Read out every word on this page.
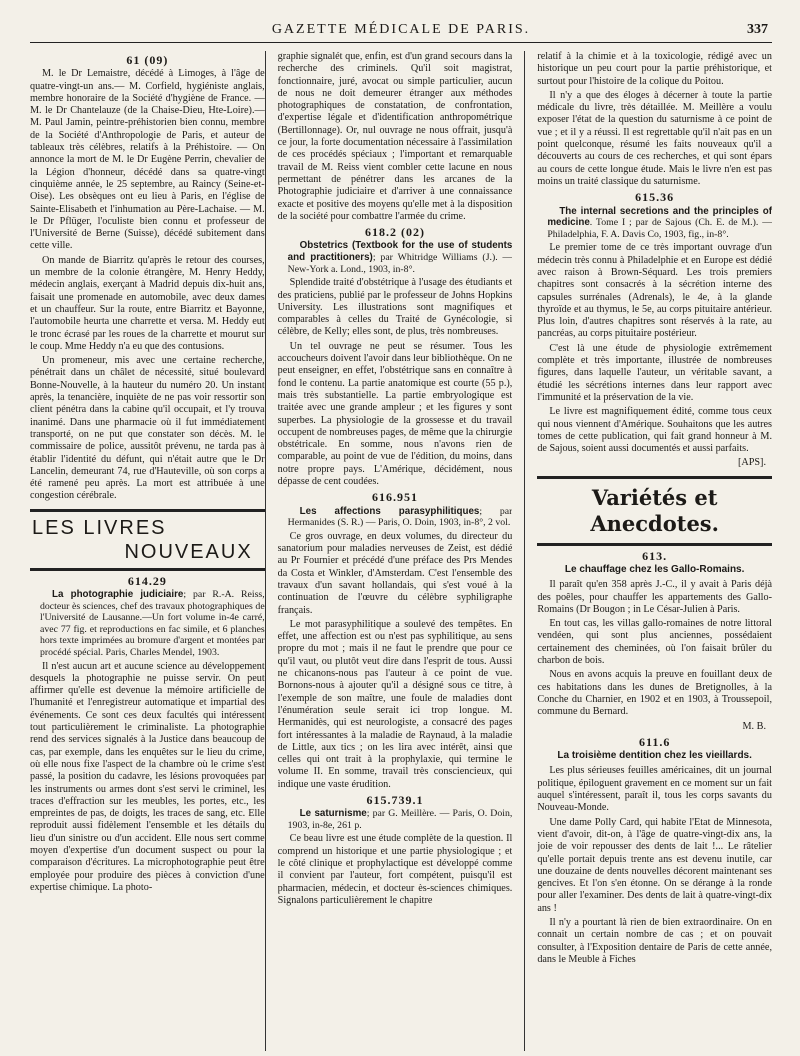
GAZETTE MÉDICALE DE PARIS.	337
61 (09)

M. le Dr Lemaistre, décédé à Limoges, à l'âge de quatre-vingt-un ans.— M. Corfield, hygiéniste anglais, membre honoraire de la Société d'hygiène de France. — M. le Dr Chantelauze (de la Chaise-Dieu, Hte-Loire).— M. Paul Jamin, peintre-préhistorien bien connu, membre de la Société d'Anthropologie de Paris, et auteur de tableaux très célèbres, relatifs à la Préhistoire. — On annonce la mort de M. le Dr Eugène Perrin, chevalier de la Légion d'honneur, décédé dans sa quatre-vingt cinquième année, le 25 septembre, au Raincy (Seine-et-Oise). Les obsèques ont eu lieu à Paris, en l'église de Sainte-Elisabeth et l'inhumation au Père-Lachaise. — M. le Dr Pflüger, l'oculiste bien connu et professeur de l'Université de Berne (Suisse), décédé subitement dans cette ville.

On mande de Biarritz qu'après le retour des courses, un membre de la colonie étrangère, M. Henry Heddy, médecin anglais, exerçant à Madrid depuis dix-huit ans, faisait une promenade en automobile, avec deux dames et un chauffeur. Sur la route, entre Biarritz et Bayonne, l'automobile heurta une charrette et versa. M. Heddy eut le tronc écrasé par les roues de la charrette et mourut sur le coup. Mme Heddy n'a eu que des contusions.

Un promeneur, mis avec une certaine recherche, pénétrait dans un châlet de nécessité, situé boulevard Bonne-Nouvelle, à la hauteur du numéro 20. Un instant après, la tenancière, inquiète de ne pas voir ressortir son client pénétra dans la cabine qu'il occupait, et l'y trouva inanimé. Dans une pharmacie où il fut immédiatement transporté, on ne put que constater son décès. M. le commissaire de police, aussitôt prévenu, ne tarda pas à établir l'identité du défunt, qui n'était autre que le Dr Lancelin, demeurant 74, rue d'Hauteville, où son corps a été ramené peu après. La mort est attribuée à une congestion cérébrale.

LES LIVRES
NOUVEAUX
614.29

La photographie judiciaire; par R.-A. Reiss, docteur ès sciences, chef des travaux photographiques de l'Université de Lausanne.—Un fort volume in-4e carré, avec 77 fig. et reproductions en fac simile, et 6 planches hors texte imprimées au bromure d'argent et montées par procédé spécial. Paris, Charles Mendel, 1903.

Il n'est aucun art et aucune science au développement desquels la photographie ne puisse servir. On peut affirmer qu'elle est devenue la mémoire artificielle de l'humanité et l'enregistreur automatique et impartial des événements. Ce sont ces deux facultés qui intéressent tout particulièrement le criminaliste. La photographie rend des services signalés à la Justice dans beaucoup de cas, par exemple, dans les enquêtes sur le lieu du crime, où elle nous fixe l'aspect de la chambre où le crime s'est passé, la position du cadavre, les lésions provoquées par les instruments ou armes dont s'est servi le criminel, les traces d'effraction sur les meubles, les portes, etc., les empreintes de pas, de doigts, les traces de sang, etc. Elle reproduit aussi fidèlement l'ensemble et les détails du lieu d'un sinistre ou d'un accident. Elle nous sert comme moyen d'expertise d'un document suspect ou pour la comparaison d'écritures. La microphotographie peut être employée pour produire des pièces à conviction d'une expertise chimique. La photo-

graphie signalét que, enfin, est d'un grand secours dans la recherche des criminels. Qu'il soit magistrat, fonctionnaire, juré, avocat ou simple particulier, aucun de nous ne doit demeurer étranger aux méthodes photographiques de constatation, de confrontation, d'expertise légale et d'identification anthropométrique (Bertillonnage). Or, nul ouvrage ne nous offrait, jusqu'à ce jour, la forte documentation nécessaire à l'assimilation de ces procédés spéciaux ; l'important et remarquable travail de M. Reiss vient combler cette lacune en nous permettant de pénétrer dans les arcanes de la Photographie judiciaire et d'arriver à une connaissance exacte et positive des moyens qu'elle met à la disposition de la société pour combattre l'armée du crime.

618.2 (02)

Obstetrics (Textbook for the use of students and practitioners); par Whitridge Williams (J.). — New-York a. Lond., 1903, in-8°.

Splendide traité d'obstétrique à l'usage des étudiants et des praticiens, publié par le professeur de Johns Hopkins University. Les illustrations sont magnifiques et comparables à celles du Traité de Gynécologie, si célèbre, de Kelly; elles sont, de plus, très nombreuses.

Un tel ouvrage ne peut se résumer. Tous les accoucheurs doivent l'avoir dans leur bibliothèque. On ne peut enseigner, en effet, l'obstétrique sans en connaître à fond le contenu. La partie anatomique est courte (55 p.), mais très substantielle. La partie embryologique est traitée avec une grande ampleur ; et les figures y sont superbes. La physiologie de la grossesse et du travail occupent de nombreuses pages, de même que la chirurgie obstétricale. En somme, nous n'avons rien de comparable, au point de vue de l'édition, du moins, dans notre propre pays. L'Amérique, décidément, nous dépasse de cent coudées.

616.951

Les affections parasyphilitiques; par Hermanides (S. R.) — Paris, O. Doin, 1903, in-8°, 2 vol.

Ce gros ouvrage, en deux volumes, du directeur du sanatorium pour maladies nerveuses de Zeist, est dédié au Pr Fournier et précédé d'une préface des Prs Mendes da Costa et Winkler, d'Amsterdam. C'est l'ensemble des travaux d'un savant hollandais, qui s'est voué à la continuation de l'œuvre du célèbre syphiligraphe français.

Le mot parasyphilitique a soulevé des tempêtes. En effet, une affection est ou n'est pas syphilitique, au sens propre du mot ; mais il ne faut le prendre que pour ce qu'il vaut, ou plutôt veut dire dans l'esprit de tous. Aussi ne chicanons-nous pas l'auteur à ce point de vue. Bornons-nous à ajouter qu'il a désigné sous ce titre, à l'exemple de son maître, une foule de maladies dont l'énumération seule serait ici trop longue. M. Hermanidès, qui est neurologiste, a consacré des pages fort intéressantes à la maladie de Raynaud, à la maladie de Little, aux tics ; on les lira avec intérêt, ainsi que celles qui ont trait à la prophylaxie, qui termine le volume II. En somme, travail très consciencieux, qui indique une vaste érudition.

615.739.1

Le saturnisme; par G. Meillère. — Paris, O. Doin, 1903, in-8e, 261 p.

Ce beau livre est une étude complète de la question. Il comprend un historique et une partie physiologique ; et le côté clinique et prophylactique est développé comme il convient par l'auteur, fort compétent, puisqu'il est pharmacien, médecin, et docteur ès-sciences chimiques. Signalons particulièrement le chapitre

relatif à la chimie et à la toxicologie, rédigé avec un historique un peu court pour la partie préhistorique, et surtout pour l'histoire de la colique du Poitou.

Il n'y a que des éloges à décerner à toute la partie médicale du livre, très détaillée. M. Meillère a voulu exposer l'état de la question du saturnisme à ce point de vue ; et il y a réussi. Il est regrettable qu'il n'ait pas en un point quelconque, résumé les faits nouveaux qu'il a découverts au cours de ces recherches, et qui sont épars au cours de cette longue étude. Mais le livre n'en est pas moins un traité classique du saturnisme.

615.36

The internal secretions and the principles of medicine. Tome I ; par de Sajous (Ch. E. de M.). — Philadelphia, F. A. Davis Co, 1903, fig., in-8°.

Le premier tome de ce très important ouvrage d'un médecin très connu à Philadelphie et en Europe est dédié avec raison à Brown-Séquard. Les trois premiers chapitres sont consacrés à la sécrétion interne des capsules surrénales (Adrenals), le 4e, à la glande thyroïde et au thymus, le 5e, au corps pituitaire antérieur. Plus loin, d'autres chapitres sont réservés à la rate, au pancréas, au corps pituitaire postérieur.

C'est là une étude de physiologie extrêmement complète et très importante, illustrée de nombreuses figures, dans laquelle l'auteur, un véritable savant, a étudié les sécrétions internes dans leur rapport avec l'immunité et la préservation de la vie.

Le livre est magnifiquement édité, comme tous ceux qui nous viennent d'Amérique. Souhaitons que les autres tomes de cette publication, qui fait grand honneur à M. de Sajous, soient aussi documentés et aussi parfaits.

[APS].
Variétés et Anecdotes.
613.
Le chauffage chez les Gallo-Romains.

Il paraît qu'en 358 après J.-C., il y avait à Paris déjà des poêles, pour chauffer les appartements des Gallo-Romains (Dr Bougon ; in Le César-Julien à Paris.

En tout cas, les villas gallo-romaines de notre littoral vendéen, qui sont plus anciennes, possédaient certainement des cheminées, où l'on faisait brûler du charbon de bois.

Nous en avons acquis la preuve en fouillant deux de ces habitations dans les dunes de Bretignolles, à la Conche du Charnier, en 1902 et en 1903, à Troussepoil, commune du Bernard.

M. B.
611.6
La troisième dentition chez les vieillards.

Les plus sérieuses feuilles américaines, dit un journal politique, épiloguent gravement en ce moment sur un fait auquel s'intéressent, paraît il, tous les corps savants du Nouveau-Monde.

Une dame Polly Card, qui habite l'Etat de Minnesota, vient d'avoir, dit-on, à l'âge de quatre-vingt-dix ans, la joie de voir repousser des dents de lait !... Le râtelier qu'elle portait depuis trente ans est devenu inutile, car une douzaine de dents nouvelles décorent maintenant ses gencives. Et l'on s'en étonne. On se dérange à la ronde pour aller l'examiner. Des dents de lait à quatre-vingt-dix ans !

Il n'y a pourtant là rien de bien extraordinaire. On en connait un certain nombre de cas ; et on pouvait consulter, à l'Exposition dentaire de Paris de cette année, dans le Meuble à Fiches
